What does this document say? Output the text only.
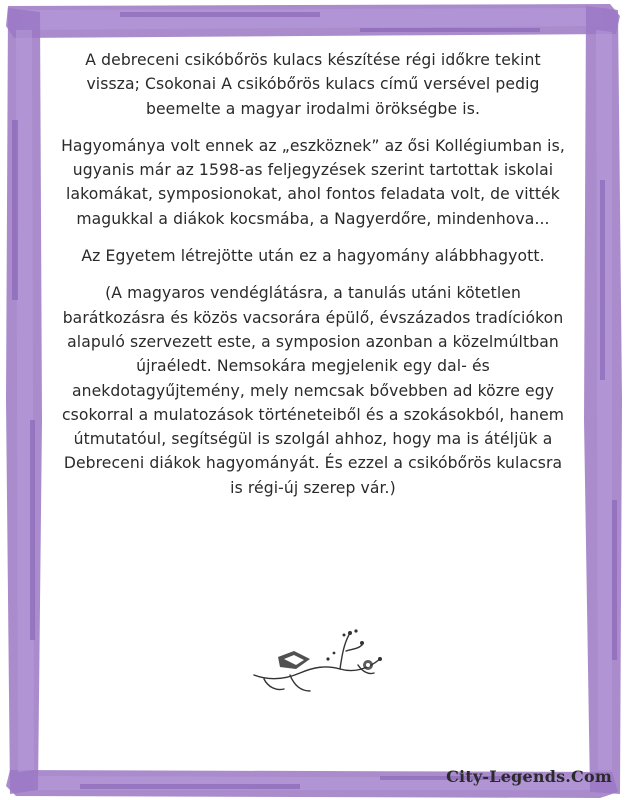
A debreceni csikóbőrös kulacs készítése régi időkre tekint vissza; Csokonai A csikóbőrös kulacs című versével pedig beemelte a magyar irodalmi örökségbe is.

Hagyománya volt ennek az „eszköznek” az ősi Kollégiumban is, ugyanis már az 1598-as feljegyzések szerint tartottak iskolai lakomákat, symposionokat, ahol fontos feladata volt, de vitték magukkal a diákok kocsmába, a Nagyerdőre, mindenhova...

Az Egyetem létrejötte után ez a hagyomány alábbhagyott.

(A magyaros vendéglátásra, a tanulás utáni kötetlen barátkozásra és közös vacsorára épülő, évszázados tradíciókon alapuló szervezett este, a symposion azonban a közelmúltban újraéledt. Nemsokára megjelenik egy dal- és anekdotagyűjtemény, mely nemcsak bővebben ad közre egy csokorral a mulatozások történeteiből és a szokásokból, hanem útmutatóul, segítségül is szolgál ahhoz, hogy ma is átéljük a Debreceni diákok hagyományát. És ezzel a csikóbőrös kulacsra is régi-új szerep vár.)

City-Legends.Com
